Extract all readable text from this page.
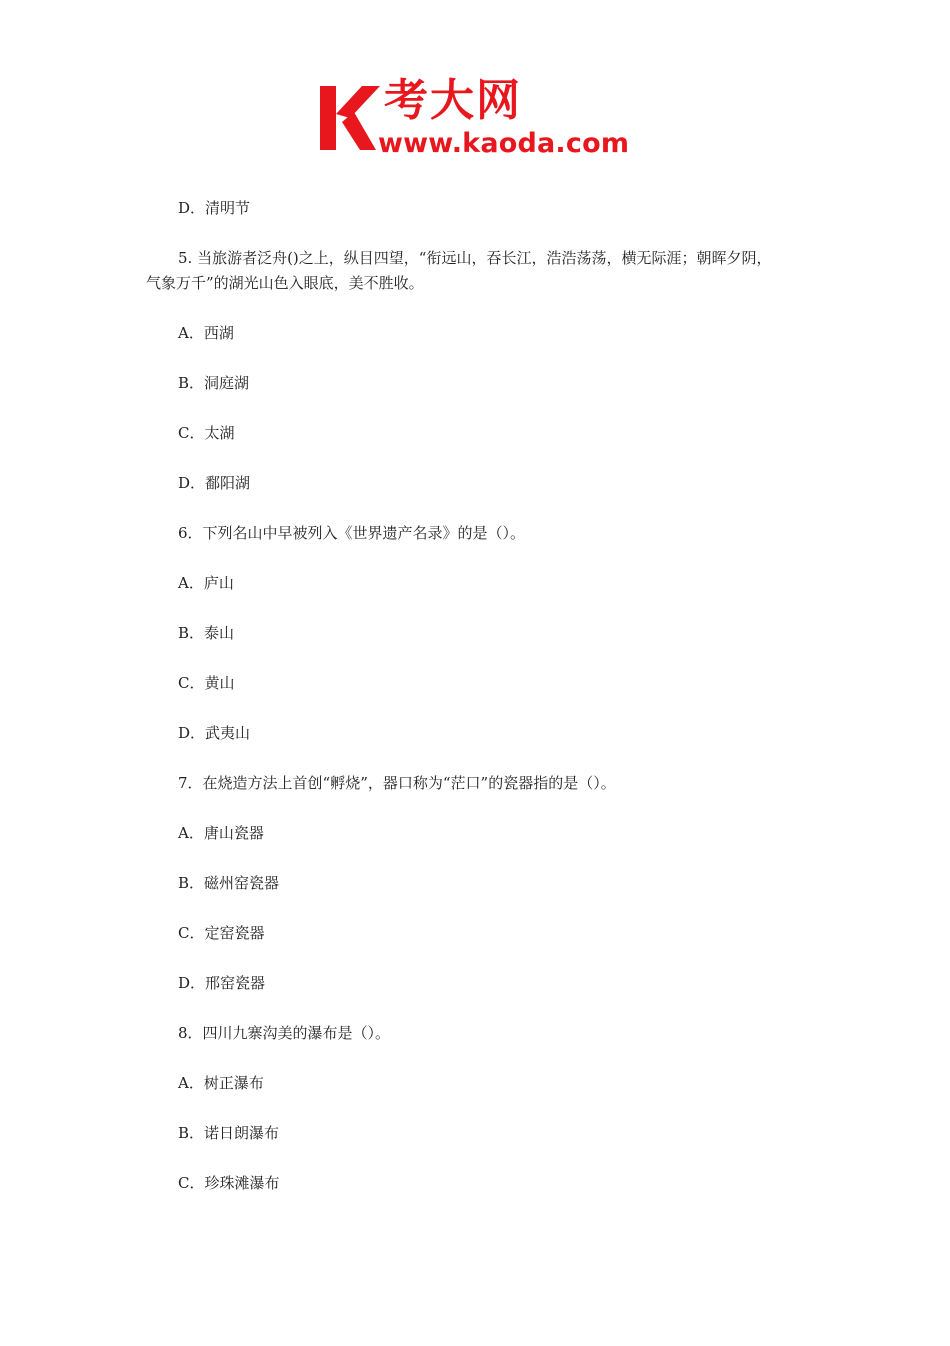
考大网
www.kaoda.com
D．清明节
5. 当旅游者泛舟()之上，纵目四望，“衔远山，吞长江，浩浩荡荡，横无际涯；朝晖夕阴，
气象万千”的湖光山色入眼底，美不胜收。
A．西湖
B．洞庭湖
C．太湖
D．鄱阳湖
6．下列名山中早被列入《世界遗产名录》的是（）。
A．庐山
B．泰山
C．黄山
D．武夷山
7．在烧造方法上首创“孵烧”，器口称为“茫口”的瓷器指的是（）。
A．唐山瓷器
B．磁州窑瓷器
C．定窑瓷器
D．邢窑瓷器
8．四川九寨沟美的瀑布是（）。
A．树正瀑布
B．诺日朗瀑布
C．珍珠滩瀑布
